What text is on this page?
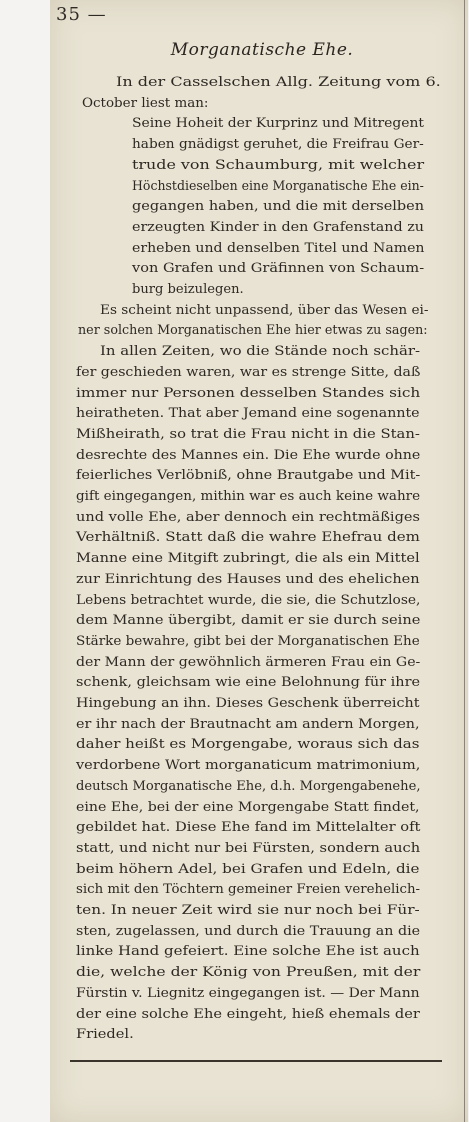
35 —
Morganatische Ehe.
In der Casselschen Allg. Zeitung vom 6.
October liest man:
Seine Hoheit der Kurprinz und Mitregent
haben gnädigst geruhet, die Freifrau Ger-
trude von Schaumburg, mit welcher
Höchstdieselben eine Morganatische Ehe ein-
gegangen haben, und die mit derselben
erzeugten Kinder in den Grafenstand zu
erheben und denselben Titel und Namen
von Grafen und Gräfinnen von Schaum-
burg beizulegen.
Es scheint nicht unpassend, über das Wesen ei-
ner solchen Morganatischen Ehe hier etwas zu sagen:
In allen Zeiten, wo die Stände noch schär-
fer geschieden waren, war es strenge Sitte, daß
immer nur Personen desselben Standes sich
heiratheten. That aber Jemand eine sogenannte
Mißheirath, so trat die Frau nicht in die Stan-
desrechte des Mannes ein. Die Ehe wurde ohne
feierliches Verlöbniß, ohne Brautgabe und Mit-
gift eingegangen, mithin war es auch keine wahre
und volle Ehe, aber dennoch ein rechtmäßiges
Verhältniß. Statt daß die wahre Ehefrau dem
Manne eine Mitgift zubringt, die als ein Mittel
zur Einrichtung des Hauses und des ehelichen
Lebens betrachtet wurde, die sie, die Schutzlose,
dem Manne übergibt, damit er sie durch seine
Stärke bewahre, gibt bei der Morganatischen Ehe
der Mann der gewöhnlich ärmeren Frau ein Ge-
schenk, gleichsam wie eine Belohnung für ihre
Hingebung an ihn. Dieses Geschenk überreicht
er ihr nach der Brautnacht am andern Morgen,
daher heißt es Morgengabe, woraus sich das
verdorbene Wort morganaticum matrimonium,
deutsch Morganatische Ehe, d.h. Morgengabenehe,
eine Ehe, bei der eine Morgengabe Statt findet,
gebildet hat. Diese Ehe fand im Mittelalter oft
statt, und nicht nur bei Fürsten, sondern auch
beim höhern Adel, bei Grafen und Edeln, die
sich mit den Töchtern gemeiner Freien verehelich-
ten. In neuer Zeit wird sie nur noch bei Für-
sten, zugelassen, und durch die Trauung an die
linke Hand gefeiert. Eine solche Ehe ist auch
die, welche der König von Preußen, mit der
Fürstin v. Liegnitz eingegangen ist. — Der Mann
der eine solche Ehe eingeht, hieß ehemals der
Friedel.
